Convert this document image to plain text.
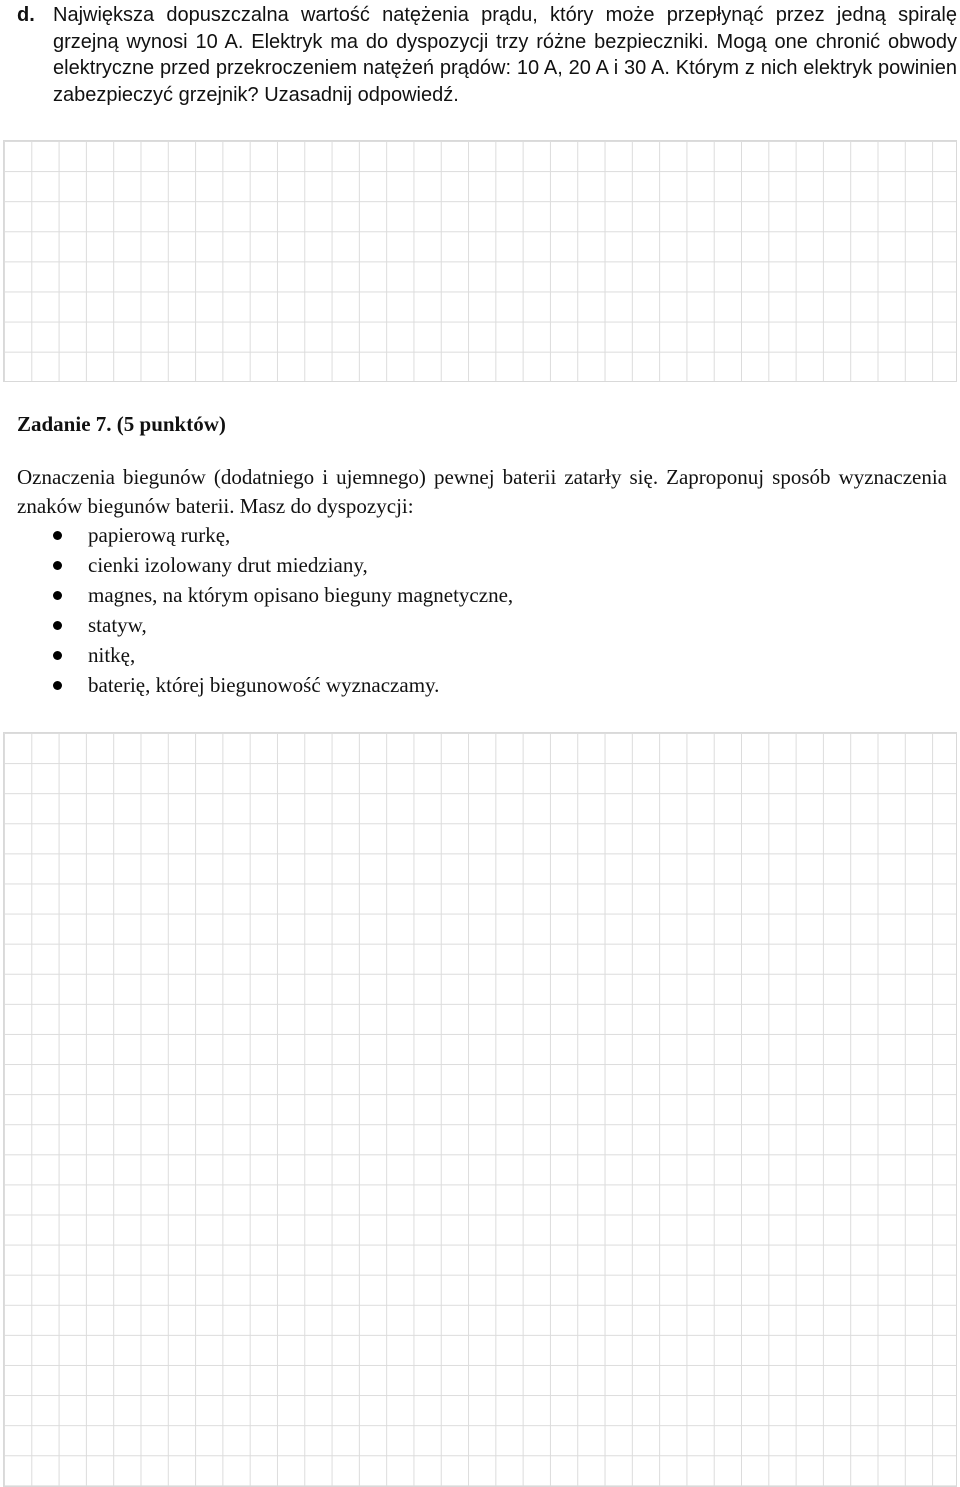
d. Największa dopuszczalna wartość natężenia prądu, który może przepłynąć przez jedną spiralę grzejną wynosi 10 A. Elektryk ma do dyspozycji trzy różne bezpieczniki. Mogą one chronić obwody elektryczne przed przekroczeniem natężeń prądów: 10 A, 20 A i 30 A. Którym z nich elektryk powinien zabezpieczyć grzejnik? Uzasadnij odpowiedź.

Zadanie 7. (5 punktów)

Oznaczenia biegunów (dodatniego i ujemnego) pewnej baterii zatarły się. Zaproponuj sposób wyznaczenia znaków biegunów baterii. Masz do dyspozycji:

papierową rurkę,
cienki izolowany drut miedziany,
magnes, na którym opisano bieguny magnetyczne,
statyw,
nitkę,
baterię, której biegunowość wyznaczamy.
